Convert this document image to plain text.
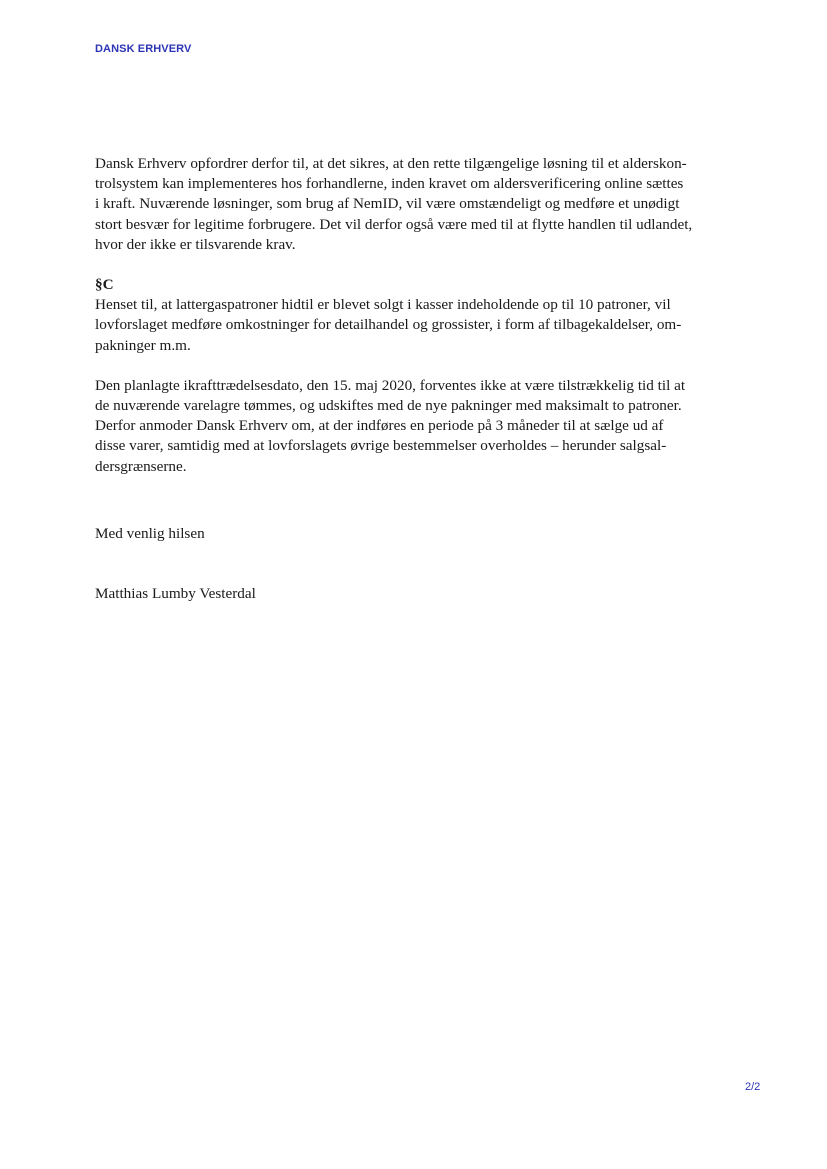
DANSK ERHVERV
Dansk Erhverv opfordrer derfor til, at det sikres, at den rette tilgængelige løsning til et alderskon-
trolsystem kan implementeres hos forhandlerne, inden kravet om aldersverificering online sættes
i kraft. Nuværende løsninger, som brug af NemID, vil være omstændeligt og medføre et unødigt
stort besvær for legitime forbrugere. Det vil derfor også være med til at flytte handlen til udlandet,
hvor der ikke er tilsvarende krav.
§C
Henset til, at lattergaspatroner hidtil er blevet solgt i kasser indeholdende op til 10 patroner, vil
lovforslaget medføre omkostninger for detailhandel og grossister, i form af tilbagekaldelser, om-
pakninger m.m.
Den planlagte ikrafttrædelsesdato, den 15. maj 2020, forventes ikke at være tilstrækkelig tid til at
de nuværende varelagre tømmes, og udskiftes med de nye pakninger med maksimalt to patroner.
Derfor anmoder Dansk Erhverv om, at der indføres en periode på 3 måneder til at sælge ud af
disse varer, samtidig med at lovforslagets øvrige bestemmelser overholdes – herunder salgsal-
dersgrænserne.
Med venlig hilsen
Matthias Lumby Vesterdal
2/2
